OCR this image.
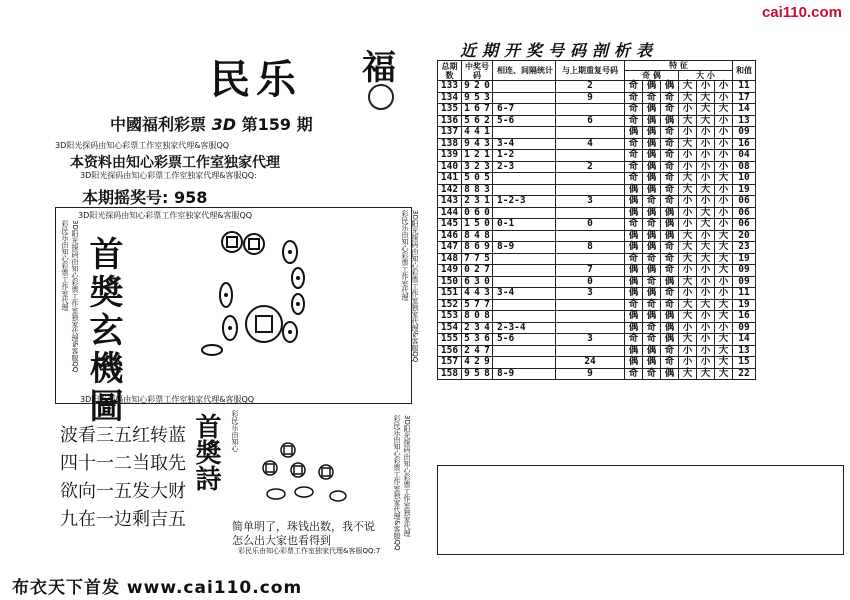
cai110.com
民乐 福
中國福利彩票 3D 第159 期
3D阳光探码由知心彩票工作室独家代理&客服QQ
本资料由知心彩票工作室独家代理
3D阳光探码由知心彩票工作室独家代理&客服QQ:
本期摇奖号: 958
3D阳光探码由知心彩票工作室独家代理&客服QQ
3D阳光探码由知心彩票工作室独家代理&客服QQ
彩民乐由知心彩票工作室代理 3D阳光探码由知心彩票工作室独家代理&客服QQ	彩民乐由知心彩票工作室代理 3D阳光探码由知心彩票工作室独家代理&客服QQ
首奬玄機圖
波看三五红转蓝
四十一二当取先
欲向一五发大财
九在一边剩吉五
首奬詩 彩民乐由知心	彩民乐由知心彩票工作室独家代理&客服QQ 3D阳光探码由知心彩票工作室独家代理
简单明了，珠钱出数，我不说
怎么出大家也看得到
彩民乐由知心彩票工作室独家代理&客服QQ:7
布衣天下首发 www.cai110.com
近期开奖号码剖析表
总期数	中奖号码			相连、间隔统计	与上期重复号码	特 征						和值
						奇 偶			大 小			
133	9	2	0		2	奇	偶	偶	大	小	小	11
134	9	5	3		9	奇	奇	奇	大	大	小	17
135	1	6	7	6-7		奇	偶	奇	小	大	大	14
136	5	6	2	5-6	6	奇	偶	偶	大	大	小	13
137	4	4	1			偶	偶	奇	小	小	小	09
138	9	4	3	3-4	4	奇	偶	奇	大	小	小	16
139	1	2	1	1-2		奇	偶	奇	小	小	小	04
140	3	2	3	2-3	2	奇	偶	奇	小	小	小	08
141	5	0	5			奇	偶	奇	大	小	大	10
142	8	8	3			偶	偶	奇	大	大	小	19
143	2	3	1	1-2-3	3	偶	奇	奇	小	小	小	06
144	0	6	0			偶	偶	偶	小	大	小	06
145	1	5	0	0-1	0	奇	奇	偶	小	大	小	06
146	8	4	8			偶	偶	偶	大	小	大	20
147	8	6	9	8-9	8	偶	偶	奇	大	大	大	23
148	7	7	5			奇	奇	奇	大	大	大	19
149	0	2	7		7	偶	偶	奇	小	小	大	09
150	6	3	0		0	偶	奇	偶	大	小	小	09
151	4	4	3	3-4	3	偶	偶	奇	小	小	小	11
152	5	7	7			奇	奇	奇	大	大	大	19
153	8	0	8			偶	偶	偶	大	小	大	16
154	2	3	4	2-3-4		偶	奇	偶	小	小	小	09
155	5	3	6	5-6	3	奇	奇	偶	大	小	大	14
156	2	4	7			偶	偶	奇	小	小	大	13
157	4	2	9		24	偶	偶	奇	小	小	大	15
158	9	5	8	8-9	9	奇	奇	偶	大	大	大	22
